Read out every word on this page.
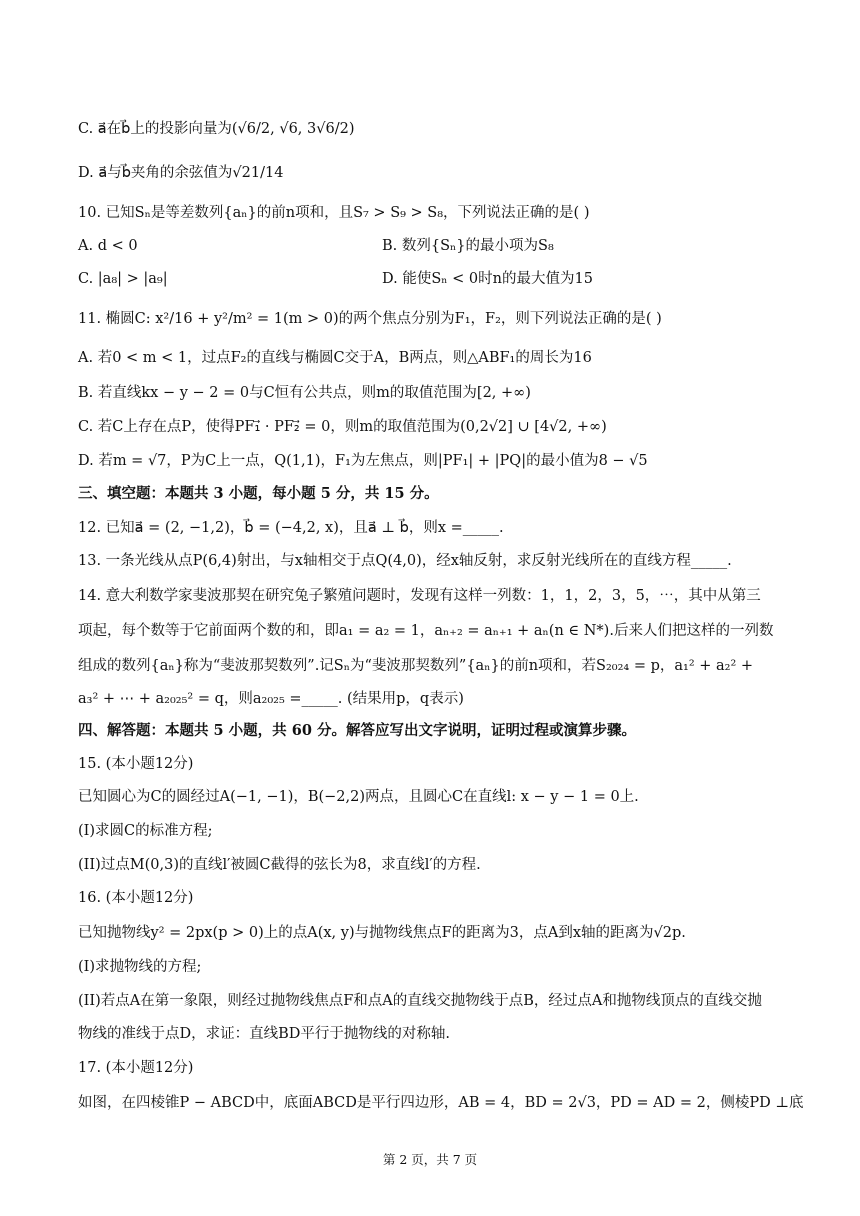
C. a⃗在b⃗上的投影向量为(√6/2, √6, 3√6/2)
D. a⃗与b⃗夹角的余弦值为√21/14
10. 已知Sₙ是等差数列{aₙ}的前n项和，且S₇ > S₉ > S₈，下列说法正确的是( )
A. d < 0	B. 数列{Sₙ}的最小项为S₈
C. |a₈| > |a₉|	D. 能使Sₙ < 0时n的最大值为15
11. 椭圆C: x²/16 + y²/m² = 1(m > 0)的两个焦点分别为F₁，F₂，则下列说法正确的是( )
A. 若0 < m < 1，过点F₂的直线与椭圆C交于A，B两点，则△ABF₁的周长为16
B. 若直线kx − y − 2 = 0与C恒有公共点，则m的取值范围为[2, +∞)
C. 若C上存在点P，使得PF₁⃗ · PF₂⃗ = 0，则m的取值范围为(0,2√2] ∪ [4√2, +∞)
D. 若m = √7，P为C上一点，Q(1,1)，F₁为左焦点，则|PF₁| + |PQ|的最小值为8 − √5
三、填空题：本题共 3 小题，每小题 5 分，共 15 分。
12. 已知a⃗ = (2, −1,2)，b⃗ = (−4,2, x)，且a⃗ ⊥ b⃗，则x =_____.
13. 一条光线从点P(6,4)射出，与x轴相交于点Q(4,0)，经x轴反射，求反射光线所在的直线方程_____.
14. 意大利数学家斐波那契在研究兔子繁殖问题时，发现有这样一列数：1，1，2，3，5，⋯，其中从第三
项起，每个数等于它前面两个数的和，即a₁ = a₂ = 1，aₙ₊₂ = aₙ₊₁ + aₙ(n ∈ N*).后来人们把这样的一列数
组成的数列{aₙ}称为“斐波那契数列”.记Sₙ为“斐波那契数列”{aₙ}的前n项和，若S₂₀₂₄ = p，a₁² + a₂² +
a₃² + ⋯ + a₂₀₂₅² = q，则a₂₀₂₅ =_____. (结果用p，q表示)
四、解答题：本题共 5 小题，共 60 分。解答应写出文字说明，证明过程或演算步骤。
15. (本小题12分)
已知圆心为C的圆经过A(−1, −1)，B(−2,2)两点，且圆心C在直线l: x − y − 1 = 0上.
(I)求圆C的标准方程;
(II)过点M(0,3)的直线l′被圆C截得的弦长为8，求直线l′的方程.
16. (本小题12分)
已知抛物线y² = 2px(p > 0)上的点A(x, y)与抛物线焦点F的距离为3，点A到x轴的距离为√2p.
(I)求抛物线的方程;
(II)若点A在第一象限，则经过抛物线焦点F和点A的直线交抛物线于点B，经过点A和抛物线顶点的直线交抛
物线的准线于点D，求证：直线BD平行于抛物线的对称轴.
17. (本小题12分)
如图，在四棱锥P − ABCD中，底面ABCD是平行四边形，AB = 4，BD = 2√3，PD = AD = 2，侧棱PD ⊥底
第 2 页，共 7 页
